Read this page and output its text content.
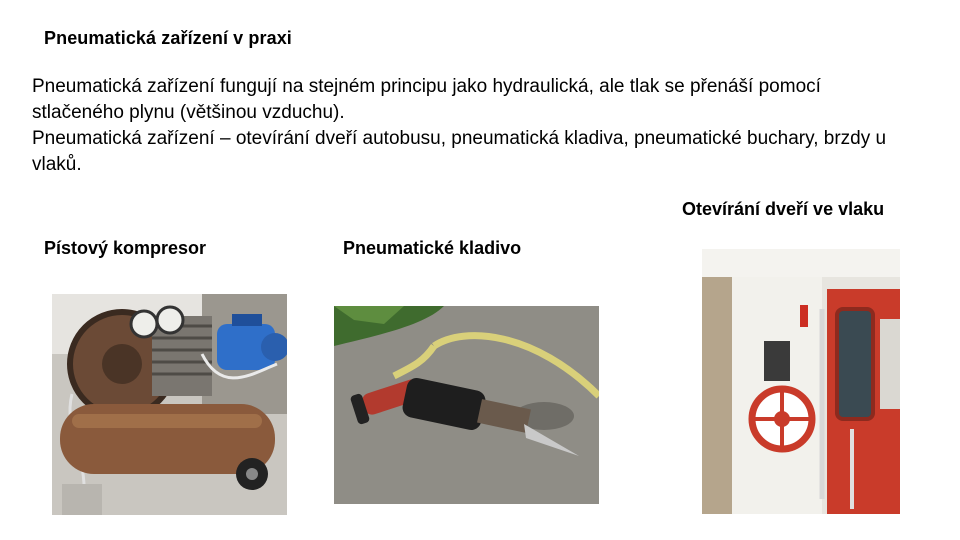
Pneumatická zařízení v praxi

Pneumatická zařízení fungují na stejném principu jako hydraulická, ale tlak se přenáší pomocí stlačeného plynu (většinou vzduchu).

Pneumatická zařízení – otevírání dveří autobusu, pneumatická kladiva, pneumatické buchary, brzdy u vlaků.

Pístový kompresor	Pneumatické kladivo
Otevírání dveří ve vlaku
